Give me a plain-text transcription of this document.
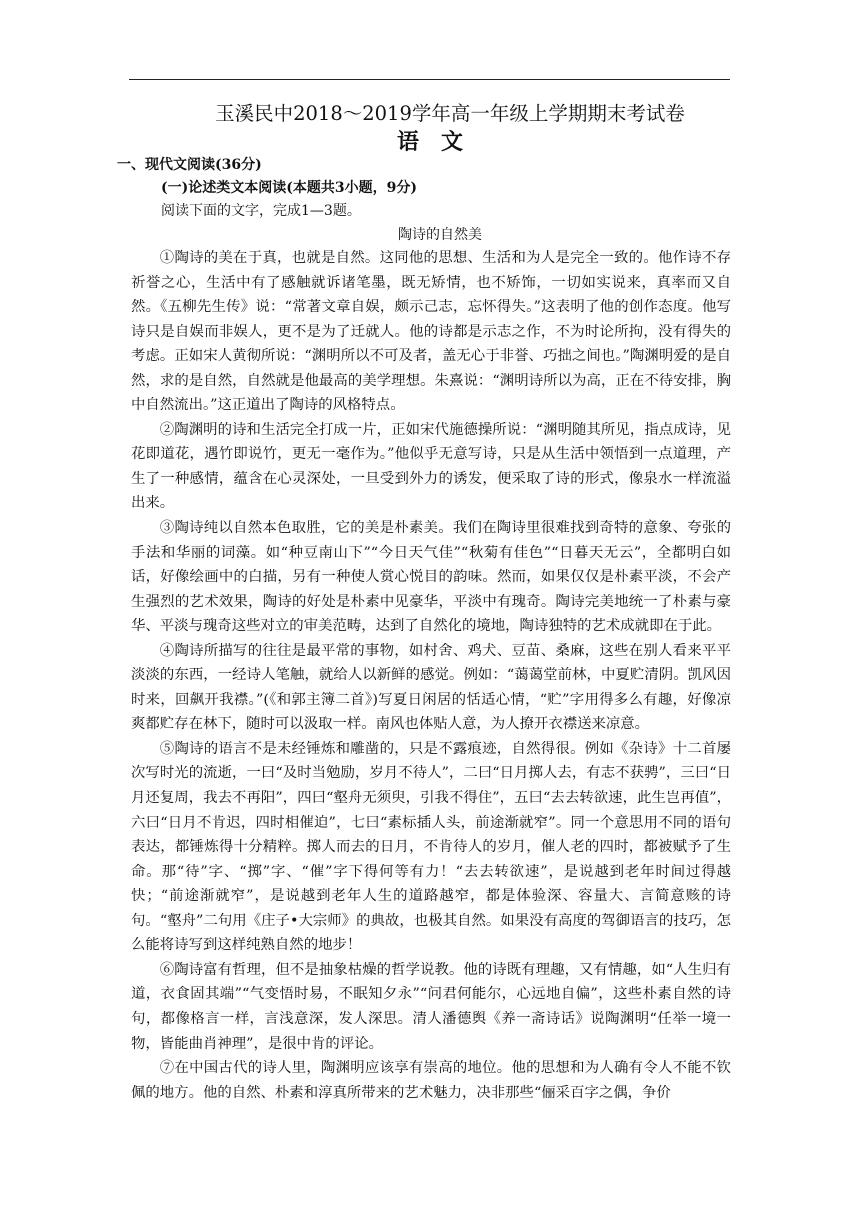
玉溪民中2018～2019学年高一年级上学期期末考试卷
语文
一、现代文阅读(36分)
(一)论述类文本阅读(本题共3小题，9分)
阅读下面的文字，完成1—3题。
陶诗的自然美

①陶诗的美在于真，也就是自然。这同他的思想、生活和为人是完全一致的。他作诗不存祈誉之心，生活中有了感触就诉诸笔墨，既无矫情，也不矫饰，一切如实说来，真率而又自然。《五柳先生传》说：“常著文章自娱，颇示己志，忘怀得失。”这表明了他的创作态度。他写诗只是自娱而非娱人，更不是为了迁就人。他的诗都是示志之作，不为时论所拘，没有得失的考虑。正如宋人黄彻所说：“渊明所以不可及者，盖无心于非誉、巧拙之间也。”陶渊明爱的是自然，求的是自然，自然就是他最高的美学理想。朱熹说：“渊明诗所以为高，正在不待安排，胸中自然流出。”这正道出了陶诗的风格特点。

②陶渊明的诗和生活完全打成一片，正如宋代施德操所说：“渊明随其所见，指点成诗，见花即道花，遇竹即说竹，更无一毫作为。”他似乎无意写诗，只是从生活中领悟到一点道理，产生了一种感情，蕴含在心灵深处，一旦受到外力的诱发，便采取了诗的形式，像泉水一样流溢出来。

③陶诗纯以自然本色取胜，它的美是朴素美。我们在陶诗里很难找到奇特的意象、夸张的手法和华丽的词藻。如“种豆南山下”“今日天气佳”“秋菊有佳色”“日暮天无云”，全都明白如话，好像绘画中的白描，另有一种使人赏心悦目的韵味。然而，如果仅仅是朴素平淡，不会产生强烈的艺术效果，陶诗的好处是朴素中见豪华，平淡中有瑰奇。陶诗完美地统一了朴素与豪华、平淡与瑰奇这些对立的审美范畴，达到了自然化的境地，陶诗独特的艺术成就即在于此。

④陶诗所描写的往往是最平常的事物，如村舍、鸡犬、豆苗、桑麻，这些在别人看来平平淡淡的东西，一经诗人笔触，就给人以新鲜的感觉。例如：“蔼蔼堂前林，中夏贮清阴。凯风因时来，回飙开我襟。”(《和郭主簿二首》)写夏日闲居的恬适心情，“贮”字用得多么有趣，好像凉爽都贮存在林下，随时可以汲取一样。南风也体贴人意，为人撩开衣襟送来凉意。

⑤陶诗的语言不是未经锤炼和雕凿的，只是不露痕迹，自然得很。例如《杂诗》十二首屡次写时光的流逝，一曰“及时当勉励，岁月不待人”，二曰“日月掷人去，有志不获骋”，三曰“日月还复周，我去不再阳”，四曰“壑舟无须臾，引我不得住”，五曰“去去转欲速，此生岂再值”，六曰“日月不肯迟，四时相催迫”，七曰“素标插人头，前途渐就窄”。同一个意思用不同的语句表达，都锤炼得十分精粹。掷人而去的日月，不肯待人的岁月，催人老的四时，都被赋予了生命。那“待”字、“掷”字、“催”字下得何等有力！“去去转欲速”，是说越到老年时间过得越快；“前途渐就窄”，是说越到老年人生的道路越窄，都是体验深、容量大、言简意赅的诗句。“壑舟”二句用《庄子•大宗师》的典故，也极其自然。如果没有高度的驾御语言的技巧，怎么能将诗写到这样纯熟自然的地步！

⑥陶诗富有哲理，但不是抽象枯燥的哲学说教。他的诗既有理趣，又有情趣，如“人生归有道，衣食固其端”“气变悟时易，不眠知夕永”“问君何能尔，心远地自偏”，这些朴素自然的诗句，都像格言一样，言浅意深，发人深思。清人潘德舆《养一斋诗话》说陶渊明“任举一境一物，皆能曲肖神理”，是很中肯的评论。

⑦在中国古代的诗人里，陶渊明应该享有崇高的地位。他的思想和为人确有令人不能不钦佩的地方。他的自然、朴素和淳真所带来的艺术魅力，决非那些“俪采百字之偶，争价
